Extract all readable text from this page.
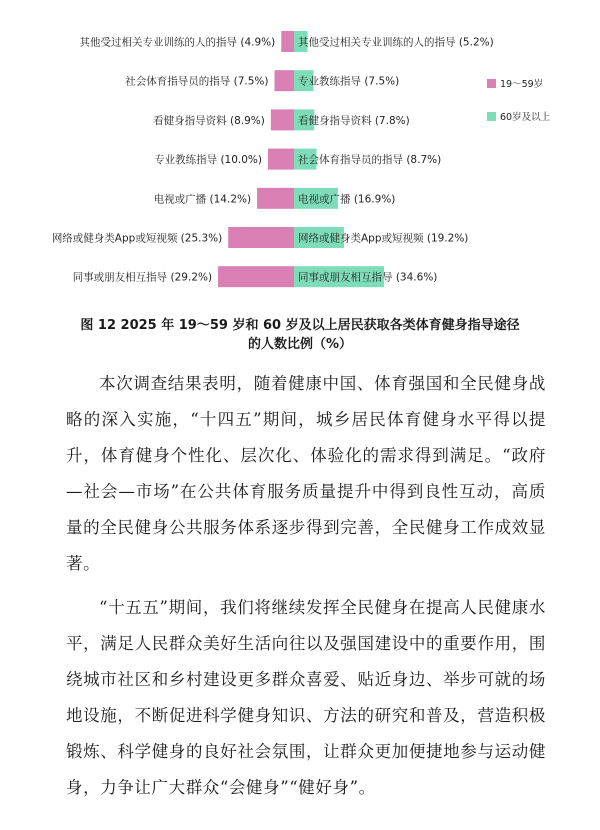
其他受过相关专业训练的人的指导 (4.9%) 其他受过相关专业训练的人的指导 (5.2%)
社会体育指导员的指导 (7.5%)	专业教练指导 (7.5%)
看健身指导资料 (8.9%)	看健身指导资料 (7.8%)
专业教练指导 (10.0%)	社会体育指导员的指导 (8.7%)
电视或广播 (14.2%)	电视或广播 (16.9%)
网络或健身类App或短视频 (25.3%)	网络或健身类App或短视频 (19.2%)
同事或朋友相互指导 (29.2%)	同事或朋友相互指导 (34.6%)
19～59岁
60岁及以上
图 12 2025 年 19～59 岁和 60 岁及以上居民获取各类体育健身指导途径
的人数比例（%）

本次调查结果表明，随着健康中国、体育强国和全民健身战略的深入实施，“十四五”期间，城乡居民体育健身水平得以提升，体育健身个性化、层次化、体验化的需求得到满足。“政府—社会—市场”在公共体育服务质量提升中得到良性互动，高质量的全民健身公共服务体系逐步得到完善，全民健身工作成效显著。

“十五五”期间，我们将继续发挥全民健身在提高人民健康水平，满足人民群众美好生活向往以及强国建设中的重要作用，围绕城市社区和乡村建设更多群众喜爱、贴近身边、举步可就的场地设施，不断促进科学健身知识、方法的研究和普及，营造积极锻炼、科学健身的良好社会氛围，让群众更加便捷地参与运动健身，力争让广大群众“会健身”“健好身”。
